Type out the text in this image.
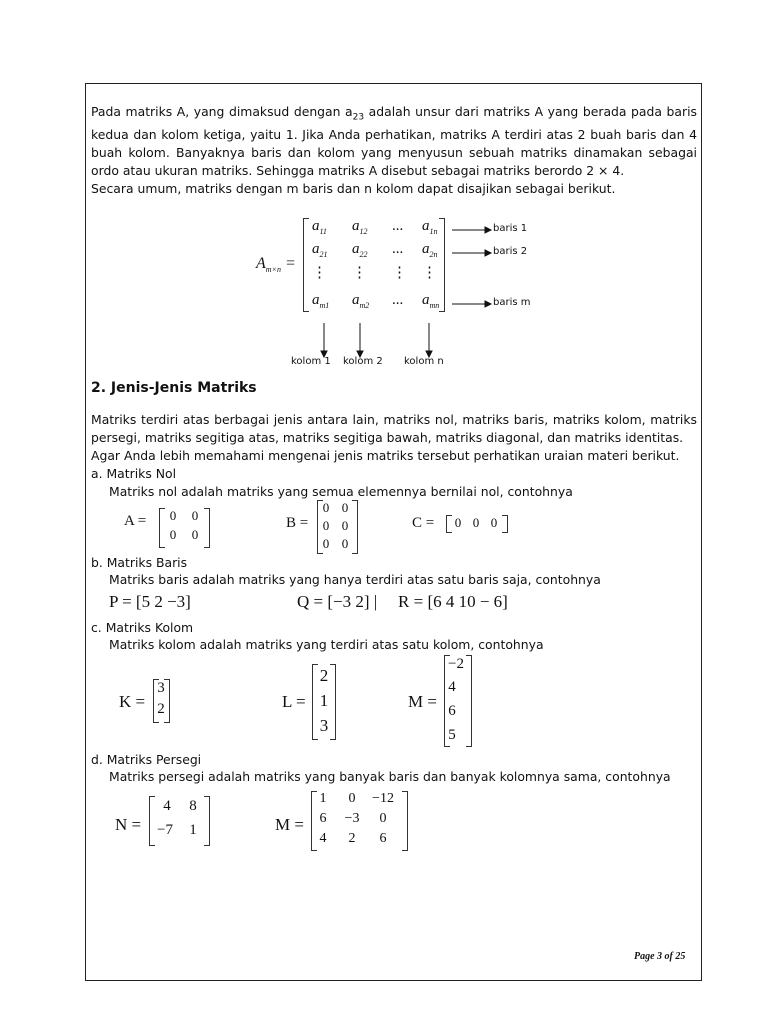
Pada matriks A, yang dimaksud dengan $a_{23}$ adalah unsur dari matriks A yang berada pada baris
kedua dan kolom ketiga, yaitu 1. Jika Anda perhatikan, matriks A terdiri atas 2 buah baris dan 4
buah kolom. Banyaknya baris dan kolom yang menyusun sebuah matriks dinamakan sebagai
ordo atau ukuran matriks. Sehingga matriks A disebut sebagai matriks berordo 2 × 4.
Secara umum, matriks dengan m baris dan n kolom dapat disajikan sebagai berikut.
$A_{m\times n}$ =
$a_{11}$ $a_{12}$ ... $a_{1n}$
$a_{21}$ $a_{22}$ ... $a_{2n}$
⋮ ⋮ ⋮ ⋮
$a_{m1}$ $a_{m2}$ ... $a_{mn}$
baris 1
baris 2
baris m
kolom 1 kolom 2 kolom n
2. Jenis-Jenis Matriks
Matriks terdiri atas berbagai jenis antara lain, matriks nol, matriks baris, matriks kolom, matriks
persegi, matriks segitiga atas, matriks segitiga bawah, matriks diagonal, dan matriks identitas.
Agar Anda lebih memahami mengenai jenis matriks tersebut perhatikan uraian materi berikut.
a. Matriks Nol
Matriks nol adalah matriks yang semua elemennya bernilai nol, contohnya
A =	0	0
0	0
B =
0 0
0 0
0 0
C = 0 0 0
b. Matriks Baris
Matriks baris adalah matriks yang hanya terdiri atas satu baris saja, contohnya
P = [5 2 −3]	Q = [−3 2] | R = [6 4 10 − 6]
c. Matriks Kolom
Matriks kolom adalah matriks yang terdiri atas satu kolom, contohnya
K =
3
2	L =
2
1
3
M =
−2
4
6
5
d. Matriks Persegi
Matriks persegi adalah matriks yang banyak baris dan banyak kolomnya sama, contohnya
N =
4	8
−7	1	M =
1	0	−12
6	−3	0
4	2	6
Page 3 of 25
